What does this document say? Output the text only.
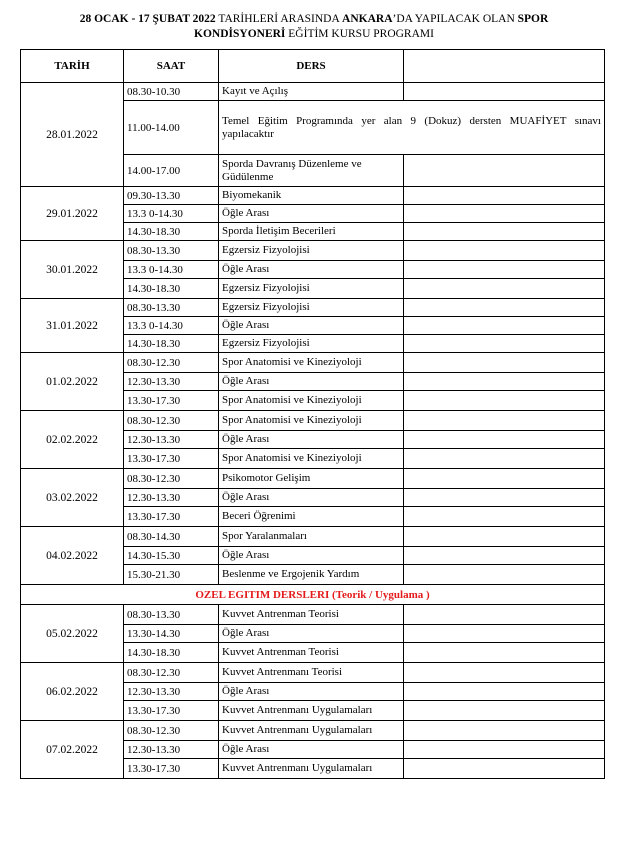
28 OCAK - 17 ŞUBAT 2022 TARİHLERİ ARASINDA ANKARA’DA YAPILACAK OLAN SPOR
KONDİSYONERİ EĞİTİM KURSU PROGRAMI
TARİH	SAAT	DERS	
28.01.2022	08.30-10.30	Kayıt ve Açılış	
	11.00-14.00	Temel Eğitim Programında yer alan 9 (Dokuz) dersten MUAFİYET sınavı yapılacaktır	
	14.00-17.00	Sporda Davranış Düzenleme ve Güdülenme	
29.01.2022	09.30-13.30	Biyomekanik	
	13.3 0-14.30	Öğle Arası	
	14.30-18.30	Sporda İletişim Becerileri	
30.01.2022	08.30-13.30	Egzersiz Fizyolojisi	
	13.3 0-14.30	Öğle Arası	
	14.30-18.30	Egzersiz Fizyolojisi	
31.01.2022	08.30-13.30	Egzersiz Fizyolojisi	
	13.3 0-14.30	Öğle Arası	
	14.30-18.30	Egzersiz Fizyolojisi	
01.02.2022	08.30-12.30	Spor Anatomisi ve Kineziyoloji	
	12.30-13.30	Öğle Arası	
	13.30-17.30	Spor Anatomisi ve Kineziyoloji	
02.02.2022	08.30-12.30	Spor Anatomisi ve Kineziyoloji	
	12.30-13.30	Öğle Arası	
	13.30-17.30	Spor Anatomisi ve Kineziyoloji	
03.02.2022	08.30-12.30	Psikomotor Gelişim	
	12.30-13.30	Öğle Arası	
	13.30-17.30	Beceri Öğrenimi	
04.02.2022	08.30-14.30	Spor Yaralanmaları	
	14.30-15.30	Öğle Arası	
	15.30-21.30	Beslenme ve Ergojenik Yardım	
OZEL EGITIM DERSLERI (Teorik / Uygulama )			
05.02.2022	08.30-13.30	Kuvvet Antrenman Teorisi	
	13.30-14.30	Öğle Arası	
	14.30-18.30	Kuvvet Antrenman Teorisi	
06.02.2022	08.30-12.30	Kuvvet Antrenmanı Teorisi	
	12.30-13.30	Öğle Arası	
	13.30-17.30	Kuvvet Antrenmanı Uygulamaları	
07.02.2022	08.30-12.30	Kuvvet Antrenmanı Uygulamaları	
	12.30-13.30	Öğle Arası	
	13.30-17.30	Kuvvet Antrenmanı Uygulamaları	
